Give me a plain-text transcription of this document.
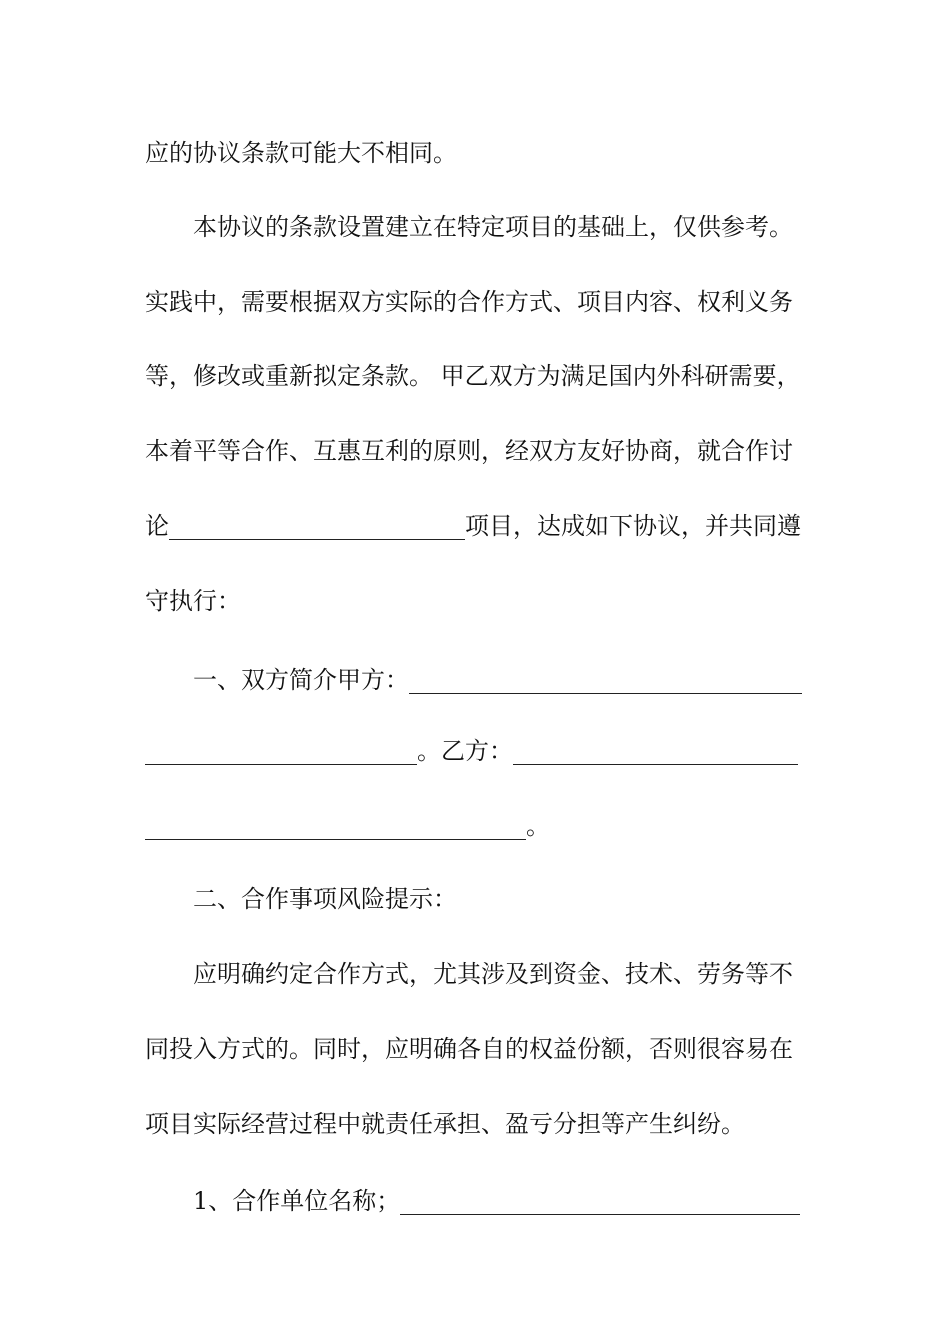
应的协议条款可能大不相同。
本协议的条款设置建立在特定项目的基础上，仅供参考。
实践中，需要根据双方实际的合作方式、项目内容、权利义务
等，修改或重新拟定条款。 甲乙双方为满足国内外科研需要，
本着平等合作、互惠互利的原则，经双方友好协商，就合作讨
论	项目，达成如下协议，并共同遵
守执行：
一、双方简介甲方：
。乙方：
。
二、合作事项风险提示：
应明确约定合作方式，尤其涉及到资金、技术、劳务等不
同投入方式的。同时，应明确各自的权益份额，否则很容易在
项目实际经营过程中就责任承担、盈亏分担等产生纠纷。
1、合作单位名称；
